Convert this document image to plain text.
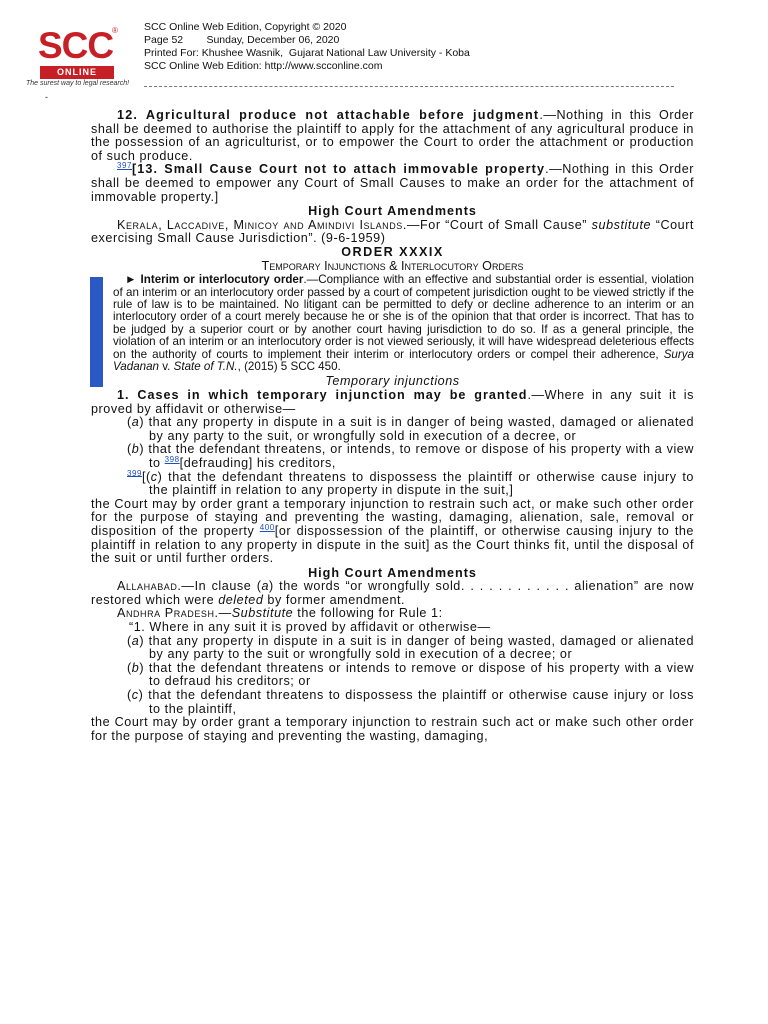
SCC
®
ONLINE
The surest way to legal research!
SCC Online Web Edition, Copyright © 2020
Page 52        Sunday, December 06, 2020
Printed For: Khushee Wasnik,  Gujarat National Law University - Koba
SCC Online Web Edition: http://www.scconline.com
-

12. Agricultural produce not attachable before judgment.—Nothing in this Order shall be deemed to authorise the plaintiff to apply for the attachment of any agricultural produce in the possession of an agriculturist, or to empower the Court to order the attachment or production of such produce.

$^{397}$[13. Small Cause Court not to attach immovable property.—Nothing in this Order shall be deemed to empower any Court of Small Causes to make an order for the attachment of immovable property.]

High Court Amendments

Kerala, Laccadive, Minicoy and Amindivi Islands.—For “Court of Small Cause” substitute “Court exercising Small Cause Jurisdiction”. (9-6-1959)

ORDER XXXIX

Temporary Injunctions & Interlocutory Orders

► Interim or interlocutory order.—Compliance with an effective and substantial order is essential, violation of an interim or an interlocutory order passed by a court of competent jurisdiction ought to be viewed strictly if the rule of law is to be maintained. No litigant can be permitted to defy or decline adherence to an interim or an interlocutory order of a court merely because he or she is of the opinion that that order is incorrect. That has to be judged by a superior court or by another court having jurisdiction to do so. If as a general principle, the violation of an interim or an interlocutory order is not viewed seriously, it will have widespread deleterious effects on the authority of courts to implement their interim or interlocutory orders or compel their adherence, Surya Vadanan v. State of T.N., (2015) 5 SCC 450.

Temporary injunctions

1. Cases in which temporary injunction may be granted.—Where in any suit it is proved by affidavit or otherwise—

(a) that any property in dispute in a suit is in danger of being wasted, damaged or alienated by any party to the suit, or wrongfully sold in execution of a decree, or

(b) that the defendant threatens, or intends, to remove or dispose of his property with a view to $^{398}$[defrauding] his creditors,

$^{399}$[(c) that the defendant threatens to dispossess the plaintiff or otherwise cause injury to the plaintiff in relation to any property in dispute in the suit,]

the Court may by order grant a temporary injunction to restrain such act, or make such other order for the purpose of staying and preventing the wasting, damaging, alienation, sale, removal or disposition of the property $^{400}$[or dispossession of the plaintiff, or otherwise causing injury to the plaintiff in relation to any property in dispute in the suit] as the Court thinks fit, until the disposal of the suit or until further orders.

High Court Amendments

Allahabad.—In clause (a) the words “or wrongfully sold. . . . . . . . . . . . alienation” are now restored which were deleted by former amendment.

Andhra Pradesh.—Substitute the following for Rule 1:

“1. Where in any suit it is proved by affidavit or otherwise—

(a) that any property in dispute in a suit is in danger of being wasted, damaged or alienated by any party to the suit or wrongfully sold in execution of a decree; or

(b) that the defendant threatens or intends to remove or dispose of his property with a view to defraud his creditors; or

(c) that the defendant threatens to dispossess the plaintiff or otherwise cause injury or loss to the plaintiff,

the Court may by order grant a temporary injunction to restrain such act or make such other order for the purpose of staying and preventing the wasting, damaging,
